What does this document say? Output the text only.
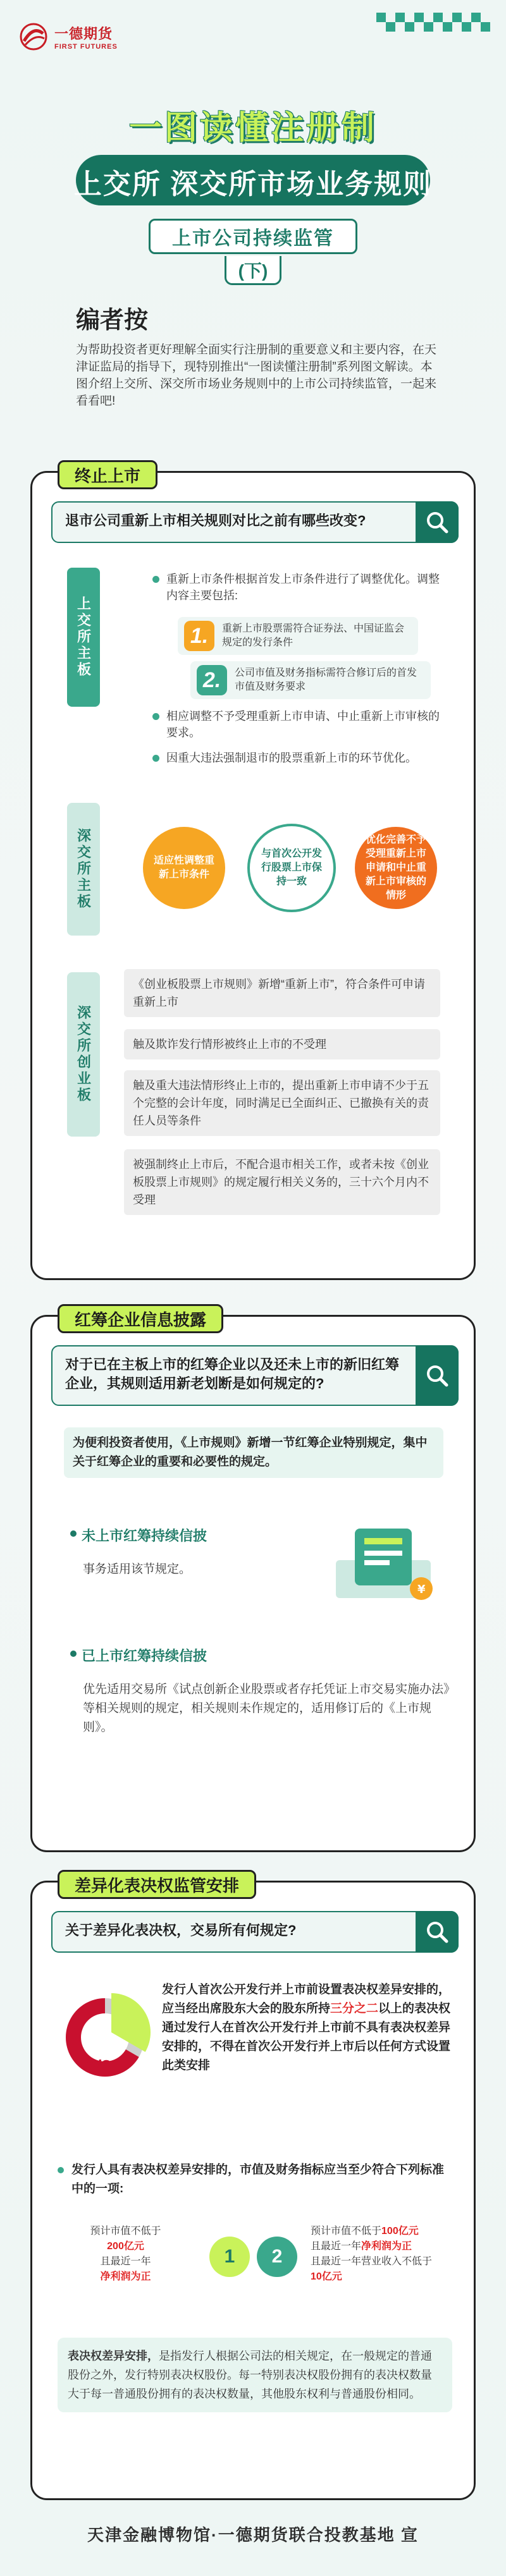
一德期货
FIRST FUTURES
一图读懂注册制
上交所 深交所市场业务规则
上市公司持续监管
(下)
编者按
为帮助投资者更好理解全面实行注册制的重要意义和主要内容，在天津证监局的指导下，现特别推出“一图读懂注册制”系列图文解读。本图介绍上交所、深交所市场业务规则中的上市公司持续监管，一起来看看吧!
终止上市
退市公司重新上市相关规则对比之前有哪些改变?
上交所主板
重新上市条件根据首发上市条件进行了调整优化。调整内容主要包括:
1.	重新上市股票需符合证券法、中国证监会规定的发行条件
2.	公司市值及财务指标需符合修订后的首发市值及财务要求
相应调整不予受理重新上市申请、中止重新上市审核的要求。
因重大违法强制退市的股票重新上市的环节优化。
深交所主板	适应性调整重新上市条件
与首次公开发行股票上市保持一致
优化完善不予受理重新上市申请和中止重新上市审核的情形
深交所创业板
《创业板股票上市规则》新增“重新上市”，符合条件可申请重新上市
触及欺诈发行情形被终止上市的不受理
触及重大违法情形终止上市的，提出重新上市申请不少于五个完整的会计年度，同时满足已全面纠正、已撤换有关的责任人员等条件
被强制终止上市后，不配合退市相关工作，或者未按《创业板股票上市规则》的规定履行相关义务的，三十六个月内不受理
红筹企业信息披露
对于已在主板上市的红筹企业以及还未上市的新旧红筹企业，其规则适用新老划断是如何规定的?
为便利投资者使用，《上市规则》新增一节红筹企业特别规定，集中关于红筹企业的重要和必要性的规定。
未上市红筹持续信披
事务适用该节规定。
¥
已上市红筹持续信披
优先适用交易所《试点创新企业股票或者存托凭证上市交易实施办法》等相关规则的规定，相关规则未作规定的，适用修订后的《上市规则》。
差异化表决权监管安排
关于差异化表决权，交易所有何规定?
2/3
发行人首次公开发行并上市前设置表决权差异安排的，应当经出席股东大会的股东所持三分之二以上的表决权通过发行人在首次公开发行并上市前不具有表决权差异安排的，不得在首次公开发行并上市后以任何方式设置此类安排
发行人具有表决权差异安排的，市值及财务指标应当至少符合下列标准中的一项:
预计市值不低于
200亿元
且最近一年
净利润为正
1 2
预计市值不低于100亿元
且最近一年净利润为正
且最近一年营业收入不低于
10亿元
表决权差异安排，是指发行人根据公司法的相关规定，在一般规定的普通股份之外，发行特别表决权股份。每一特别表决权股份拥有的表决权数量大于每一普通股份拥有的表决权数量，其他股东权利与普通股份相同。
天津金融博物馆·一德期货联合投教基地 宣
